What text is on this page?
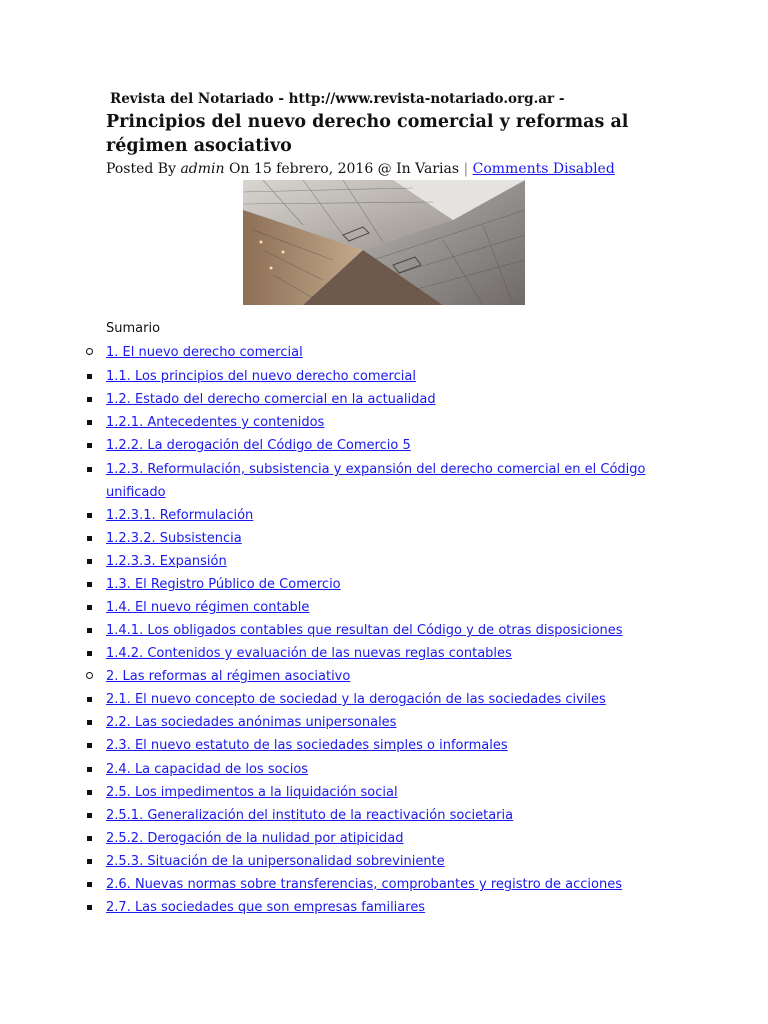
Revista del Notariado - http://www.revista-notariado.org.ar -
Principios del nuevo derecho comercial y reformas al régimen asociativo
Posted By admin On 15 febrero, 2016 @ In Varias | Comments Disabled
Sumario
1. El nuevo derecho comercial
1.1. Los principios del nuevo derecho comercial
1.2. Estado del derecho comercial en la actualidad
1.2.1. Antecedentes y contenidos
1.2.2. La derogación del Código de Comercio 5
1.2.3. Reformulación, subsistencia y expansión del derecho comercial en el Código unificado
1.2.3.1. Reformulación
1.2.3.2. Subsistencia
1.2.3.3. Expansión
1.3. El Registro Público de Comercio
1.4. El nuevo régimen contable
1.4.1. Los obligados contables que resultan del Código y de otras disposiciones
1.4.2. Contenidos y evaluación de las nuevas reglas contables
2. Las reformas al régimen asociativo
2.1. El nuevo concepto de sociedad y la derogación de las sociedades civiles
2.2. Las sociedades anónimas unipersonales
2.3. El nuevo estatuto de las sociedades simples o informales
2.4. La capacidad de los socios
2.5. Los impedimentos a la liquidación social
2.5.1. Generalización del instituto de la reactivación societaria
2.5.2. Derogación de la nulidad por atipicidad
2.5.3. Situación de la unipersonalidad sobreviniente
2.6. Nuevas normas sobre transferencias, comprobantes y registro de acciones
2.7. Las sociedades que son empresas familiares
